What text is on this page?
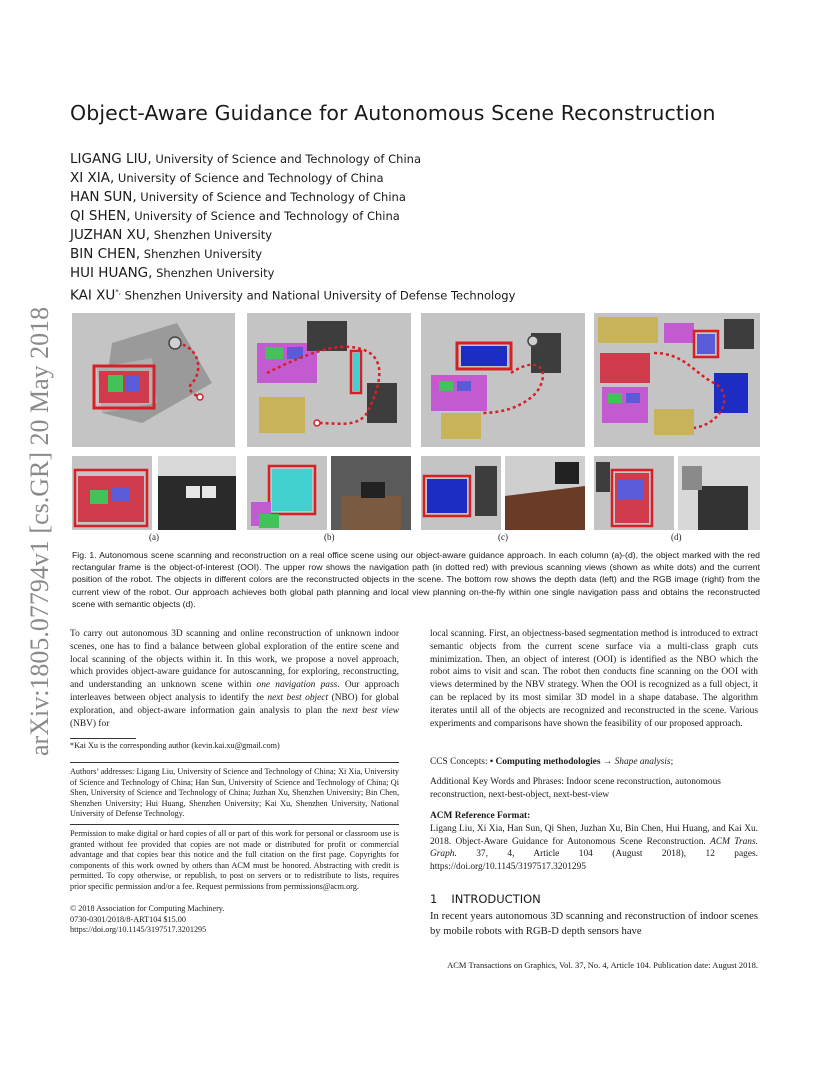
arXiv:1805.07794v1 [cs.GR] 20 May 2018
Object-Aware Guidance for Autonomous Scene Reconstruction
LIGANG LIU, University of Science and Technology of China
XI XIA, University of Science and Technology of China
HAN SUN, University of Science and Technology of China
QI SHEN, University of Science and Technology of China
JUZHAN XU, Shenzhen University
BIN CHEN, Shenzhen University
HUI HUANG, Shenzhen University
KAI XU*, Shenzhen University and National University of Defense Technology
(a)	(b)	(c)	(d)
Fig. 1. Autonomous scene scanning and reconstruction on a real office scene using our object-aware guidance approach. In each column (a)-(d), the object marked with the red rectangular frame is the object-of-interest (OOI). The upper row shows the navigation path (in dotted red) with previous scanning views (shown as white dots) and the current position of the robot. The objects in different colors are the reconstructed objects in the scene. The bottom row shows the depth data (left) and the RGB image (right) from the current view of the robot. Our approach achieves both global path planning and local view planning on-the-fly within one single navigation pass and obtains the reconstructed scene with semantic objects (d).

To carry out autonomous 3D scanning and online reconstruction of unknown indoor scenes, one has to find a balance between global exploration of the entire scene and local scanning of the objects within it. In this work, we propose a novel approach, which provides object-aware guidance for autoscanning, for exploring, reconstructing, and understanding an unknown scene within one navigation pass. Our approach interleaves between object analysis to identify the next best object (NBO) for global exploration, and object-aware information gain analysis to plan the next best view (NBV) for

*Kai Xu is the corresponding author (kevin.kai.xu@gmail.com)
Authors’ addresses: Ligang Liu, University of Science and Technology of China; Xi Xia, University of Science and Technology of China; Han Sun, University of Science and Technology of China; Qi Shen, University of Science and Technology of China; Juzhan Xu, Shenzhen University; Bin Chen, Shenzhen University; Hui Huang, Shenzhen University; Kai Xu, Shenzhen University, National University of Defense Technology.
Permission to make digital or hard copies of all or part of this work for personal or classroom use is granted without fee provided that copies are not made or distributed for profit or commercial advantage and that copies bear this notice and the full citation on the first page. Copyrights for components of this work owned by others than ACM must be honored. Abstracting with credit is permitted. To copy otherwise, or republish, to post on servers or to redistribute to lists, requires prior specific permission and/or a fee. Request permissions from permissions@acm.org.
© 2018 Association for Computing Machinery.
0730-0301/2018/8-ART104 $15.00
https://doi.org/10.1145/3197517.3201295
local scanning. First, an objectness-based segmentation method is introduced to extract semantic objects from the current scene surface via a multi-class graph cuts minimization. Then, an object of interest (OOI) is identified as the NBO which the robot aims to visit and scan. The robot then conducts fine scanning on the OOI with views determined by the NBV strategy. When the OOI is recognized as a full object, it can be replaced by its most similar 3D model in a shape database. The algorithm iterates until all of the objects are recognized and reconstructed in the scene. Various experiments and comparisons have shown the feasibility of our proposed approach.
CCS Concepts: • Computing methodologies → Shape analysis;
Additional Key Words and Phrases: Indoor scene reconstruction, autonomous reconstruction, next-best-object, next-best-view
ACM Reference Format:

Ligang Liu, Xi Xia, Han Sun, Qi Shen, Juzhan Xu, Bin Chen, Hui Huang, and Kai Xu. 2018. Object-Aware Guidance for Autonomous Scene Reconstruction. ACM Trans. Graph. 37, 4, Article 104 (August 2018), 12 pages. https://doi.org/10.1145/3197517.3201295

1 INTRODUCTION
In recent years autonomous 3D scanning and reconstruction of indoor scenes by mobile robots with RGB-D depth sensors have
ACM Transactions on Graphics, Vol. 37, No. 4, Article 104. Publication date: August 2018.
